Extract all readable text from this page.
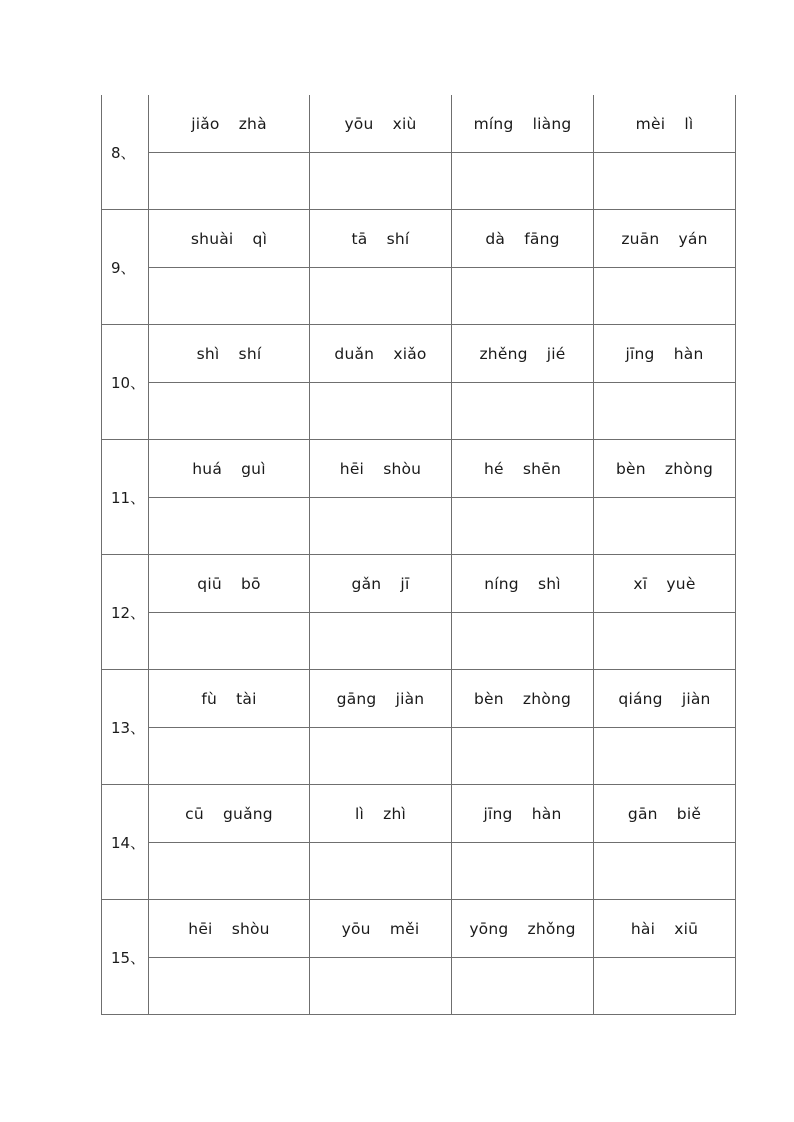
8、	jiǎo zhà	yōu xiù	míng liàng	mèi lì

9、	shuài qì	tā shí	dà fāng	zuān yán

10、	shì shí	duǎn xiǎo	zhěng jié	jīng hàn

11、	huá guì	hēi shòu	hé shēn	bèn zhòng

12、	qiū bō	gǎn jī	níng shì	xī yuè

13、	fù tài	gāng jiàn	bèn zhòng	qiáng jiàn

14、	cū guǎng	lì zhì	jīng hàn	gān biě

15、	hēi shòu	yōu měi	yōng zhǒng	hài xiū
